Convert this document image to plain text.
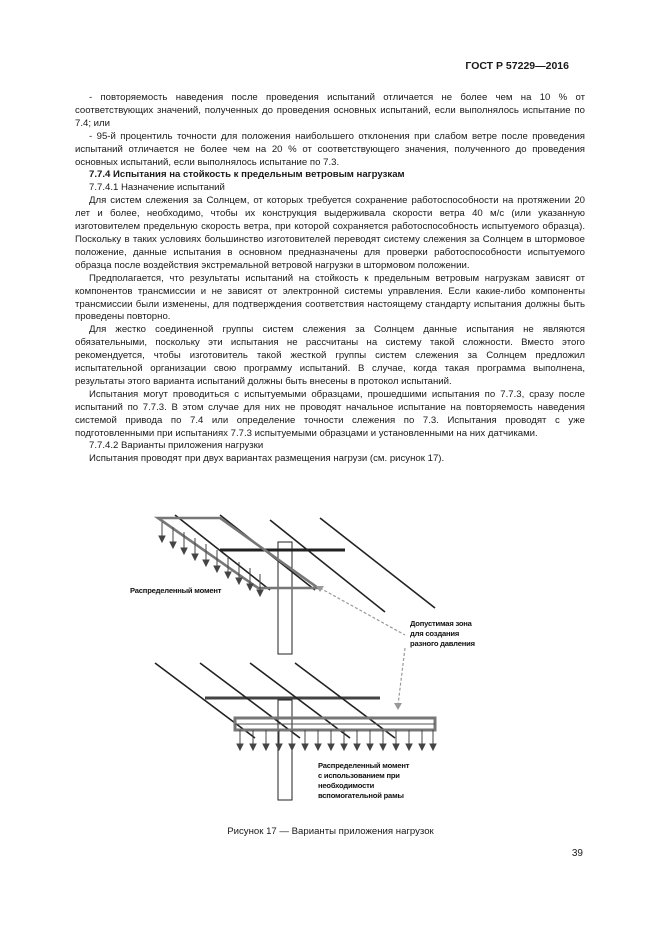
ГОСТ Р 57229—2016

- повторяемость наведения после проведения испытаний отличается не более чем на 10 % от соответствующих значений, полученных до проведения основных испытаний, если выполнялось испытание по 7.4; или

- 95-й процентиль точности для положения наибольшего отклонения при слабом ветре после проведения испытаний отличается не более чем на 20 % от соответствующего значения, полученного до проведения основных испытаний, если выполнялось испытание по 7.3.

7.7.4 Испытания на стойкость к предельным ветровым нагрузкам

7.7.4.1 Назначение испытаний

Для систем слежения за Солнцем, от которых требуется сохранение работоспособности на протяжении 20 лет и более, необходимо, чтобы их конструкция выдерживала скорости ветра 40 м/с (или указанную изготовителем предельную скорость ветра, при которой сохраняется работоспособность испытуемого образца). Поскольку в таких условиях большинство изготовителей переводят систему слежения за Солнцем в штормовое положение, данные испытания в основном предназначены для проверки работоспособности испытуемого образца после воздействия экстремальной ветровой нагрузки в штормовом положении.

Предполагается, что результаты испытаний на стойкость к предельным ветровым нагрузкам зависят от компонентов трансмиссии и не зависят от электронной системы управления. Если какие-либо компоненты трансмиссии были изменены, для подтверждения соответствия настоящему стандарту испытания должны быть проведены повторно.

Для жестко соединенной группы систем слежения за Солнцем данные испытания не являются обязательными, поскольку эти испытания не рассчитаны на систему такой сложности. Вместо этого рекомендуется, чтобы изготовитель такой жесткой группы систем слежения за Солнцем предложил испытательной организации свою программу испытаний. В случае, когда такая программа выполнена, результаты этого варианта испытаний должны быть внесены в протокол испытаний.

Испытания могут проводиться с испытуемыми образцами, прошедшими испытания по 7.7.3, сразу после испытаний по 7.7.3. В этом случае для них не проводят начальное испытание на повторяемость наведения системой привода по 7.4 или определение точности слежения по 7.3. Испытания проводят с уже подготовленными при испытаниях 7.7.3 испытуемыми образцами и установленными на них датчиками.

7.7.4.2 Варианты приложения нагрузки

Испытания проводят при двух вариантах размещения нагрузи (см. рисунок 17).

Распределенный момент
Допустимая зона
для создания
разного давления
Распределенный момент
с использованием при
необходимости
вспомогательной рамы
Рисунок 17 — Варианты приложения нагрузок
39
